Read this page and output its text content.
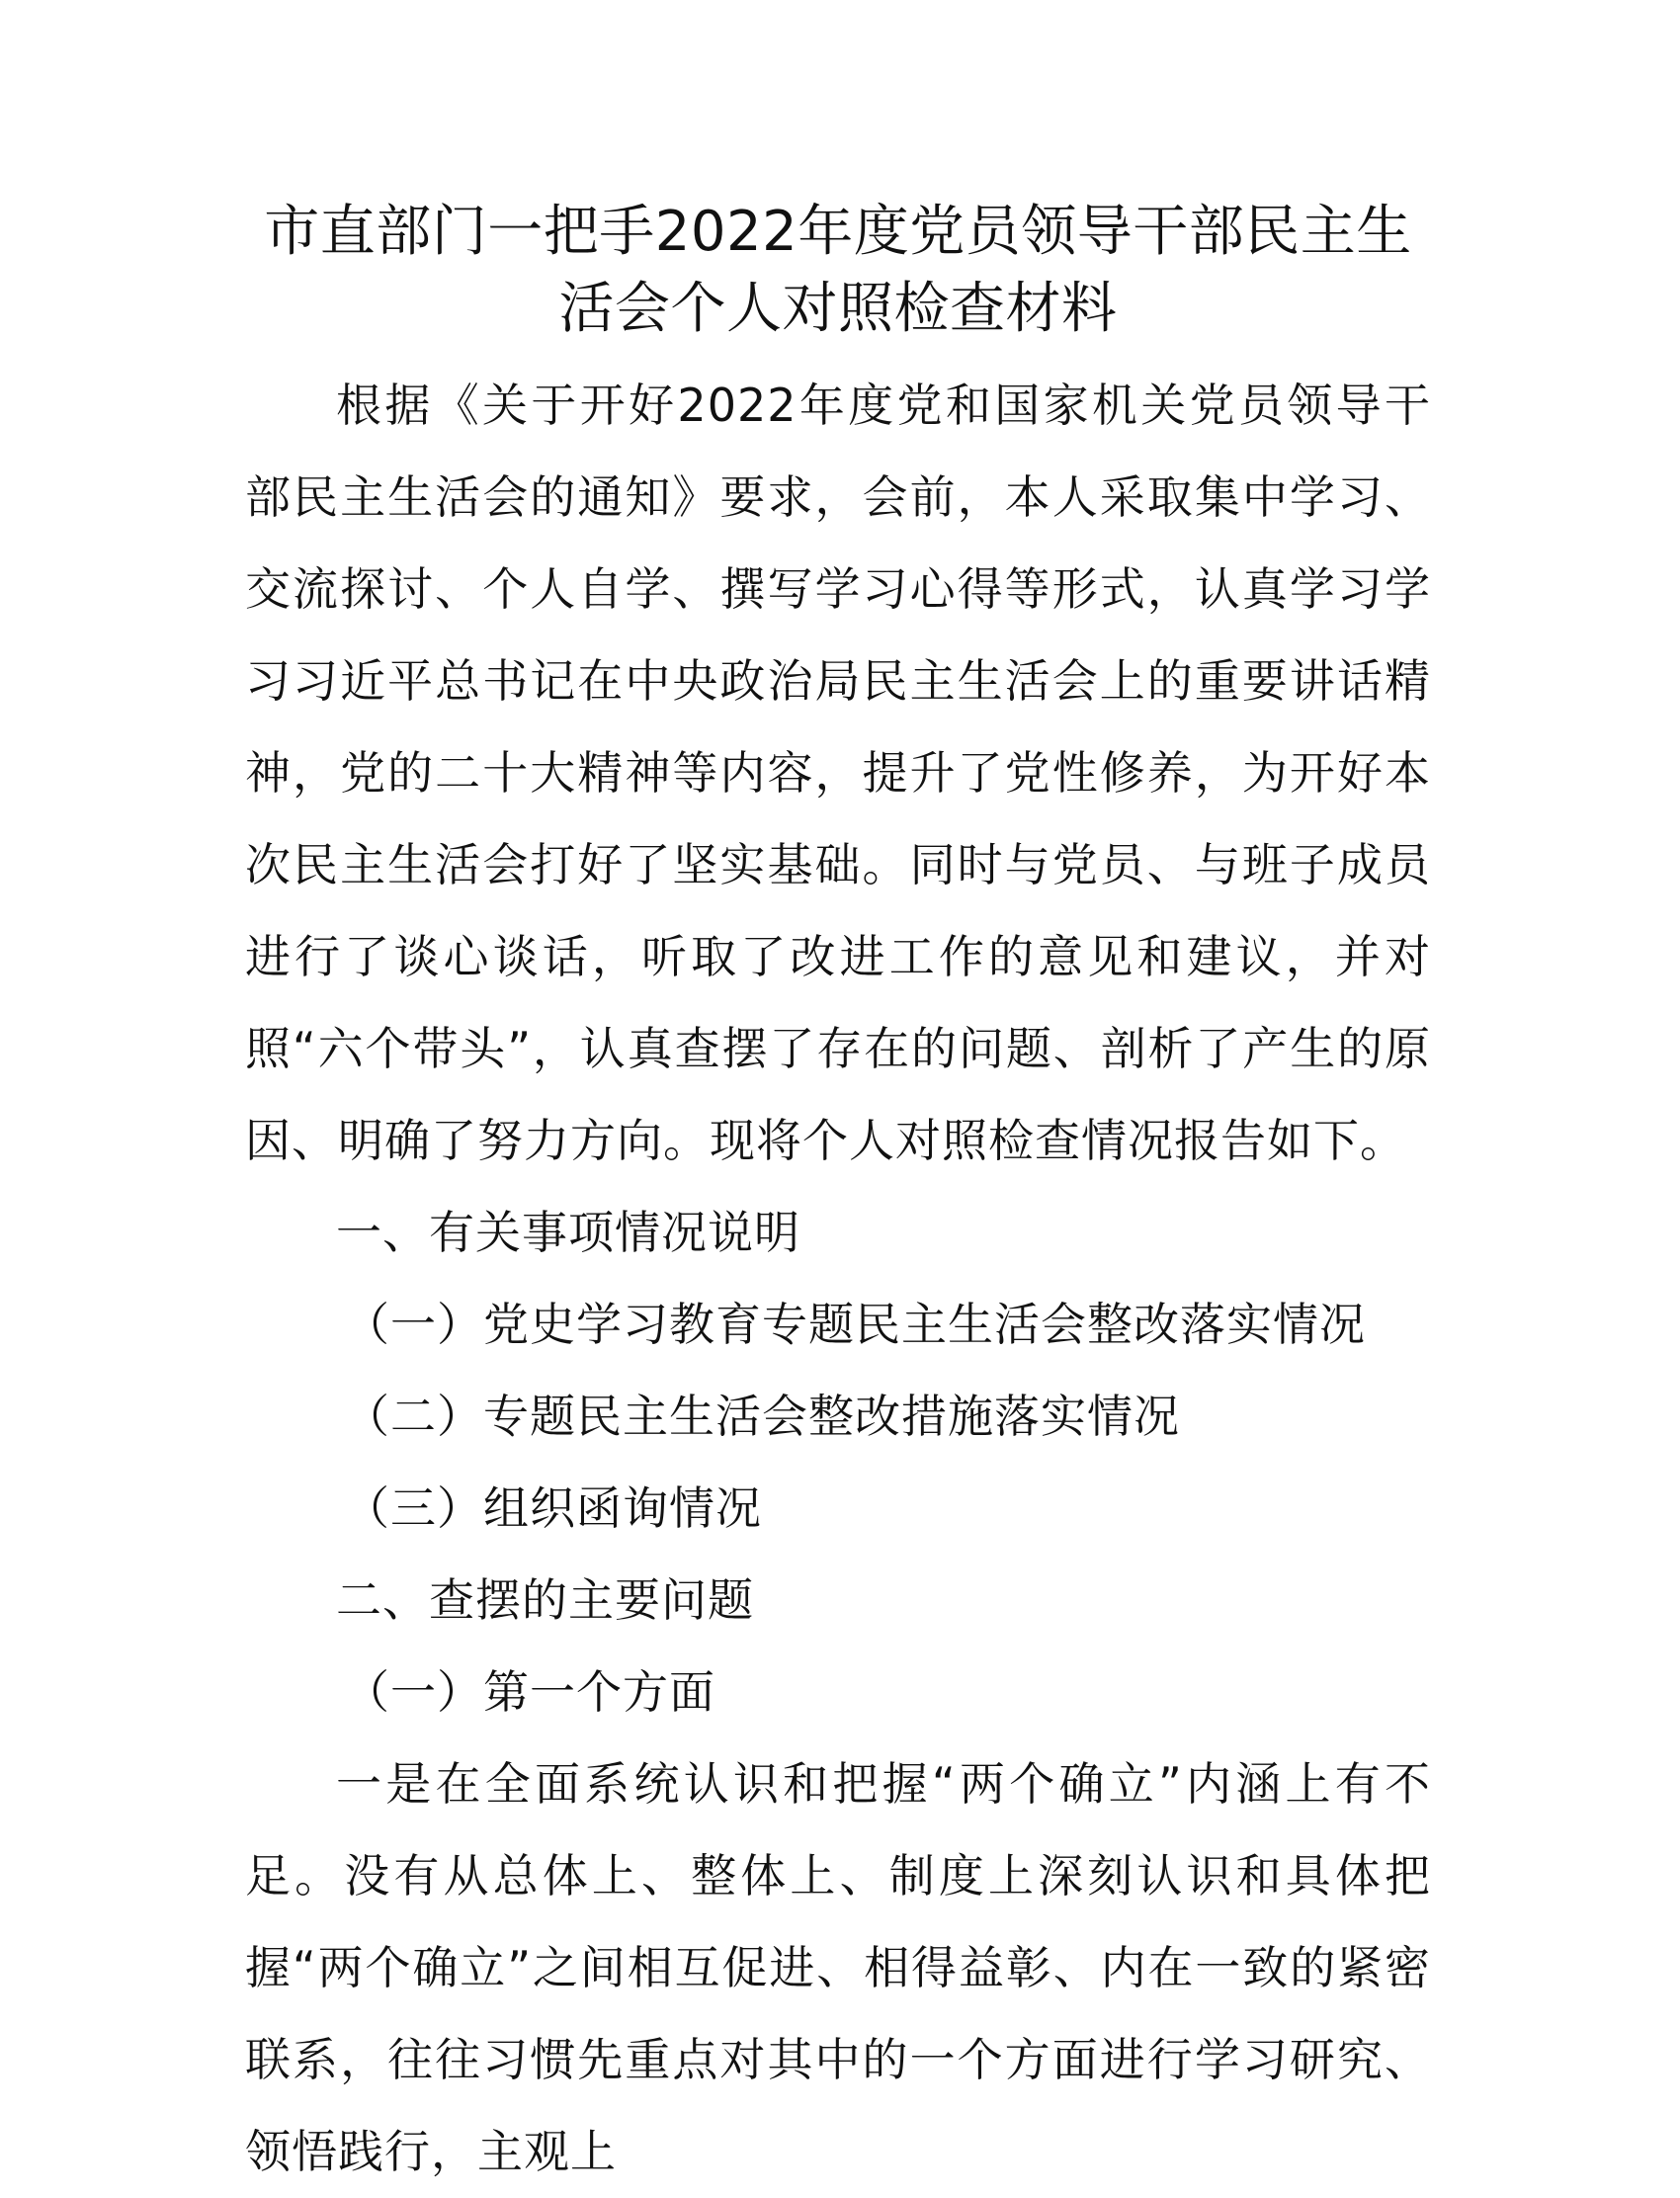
市直部门一把手2022年度党员领导干部民主生
活会个人对照检查材料

根据《关于开好2022年度党和国家机关党员领导干部民主生活会的通知》要求，会前，本人采取集中学习、交流探讨、个人自学、撰写学习心得等形式，认真学习学习习近平总书记在中央政治局民主生活会上的重要讲话精神，党的二十大精神等内容，提升了党性修养，为开好本次民主生活会打好了坚实基础。同时与党员、与班子成员进行了谈心谈话，听取了改进工作的意见和建议，并对照“六个带头”，认真查摆了存在的问题、剖析了产生的原因、明确了努力方向。现将个人对照检查情况报告如下。

一、有关事项情况说明

（一）党史学习教育专题民主生活会整改落实情况

（二）专题民主生活会整改措施落实情况

（三）组织函询情况

二、查摆的主要问题

（一）第一个方面

一是在全面系统认识和把握“两个确立”内涵上有不足。没有从总体上、整体上、制度上深刻认识和具体把握“两个确立”之间相互促进、相得益彰、内在一致的紧密联系，往往习惯先重点对其中的一个方面进行学习研究、领悟践行，主观上
